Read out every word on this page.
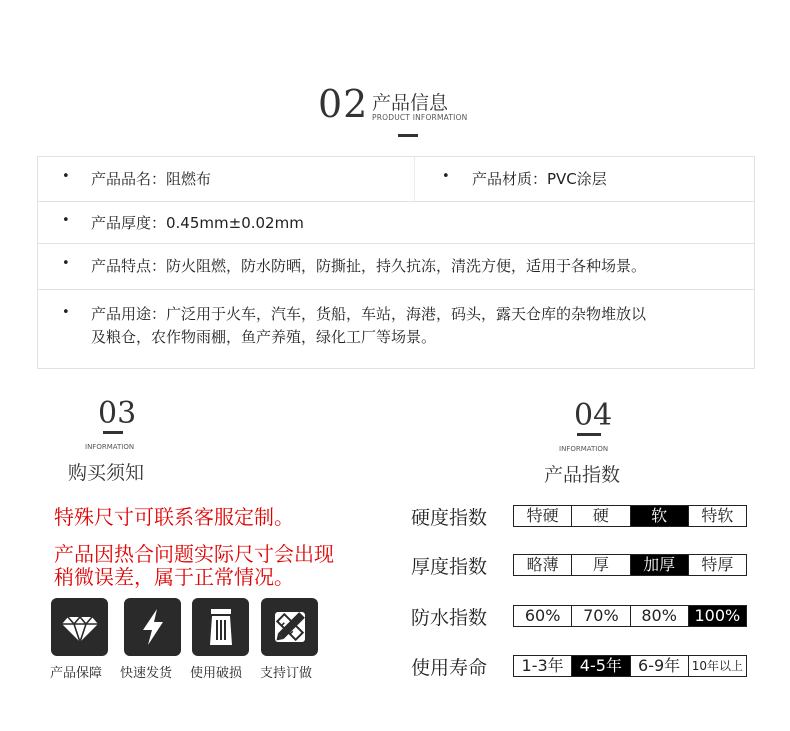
02 产品信息
PRODUCT INFORMATION
• 产品品名：阻燃布	• 产品材质：PVC涂层
• 产品厚度：0.45mm±0.02mm
• 产品特点：防火阻燃，防水防晒，防撕扯，持久抗冻，清洗方便，适用于各种场景。
• 产品用途：广泛用于火车，汽车，货船，车站，海港，码头，露天仓库的杂物堆放以
及粮仓，农作物雨棚，鱼产养殖，绿化工厂等场景。
03
INFORMATION
购买须知
特殊尺寸可联系客服定制。
产品因热合问题实际尺寸会出现
稍微误差，属于正常情况。
产品保障 快速发货 使用破损 支持订做
04
INFORMATION
产品指数
硬度指数	特硬	硬	软	特软
厚度指数	略薄	厚	加厚	特厚
防水指数	60%	70%	80%	100%
使用寿命	1-3年	4-5年	6-9年 10年以上
